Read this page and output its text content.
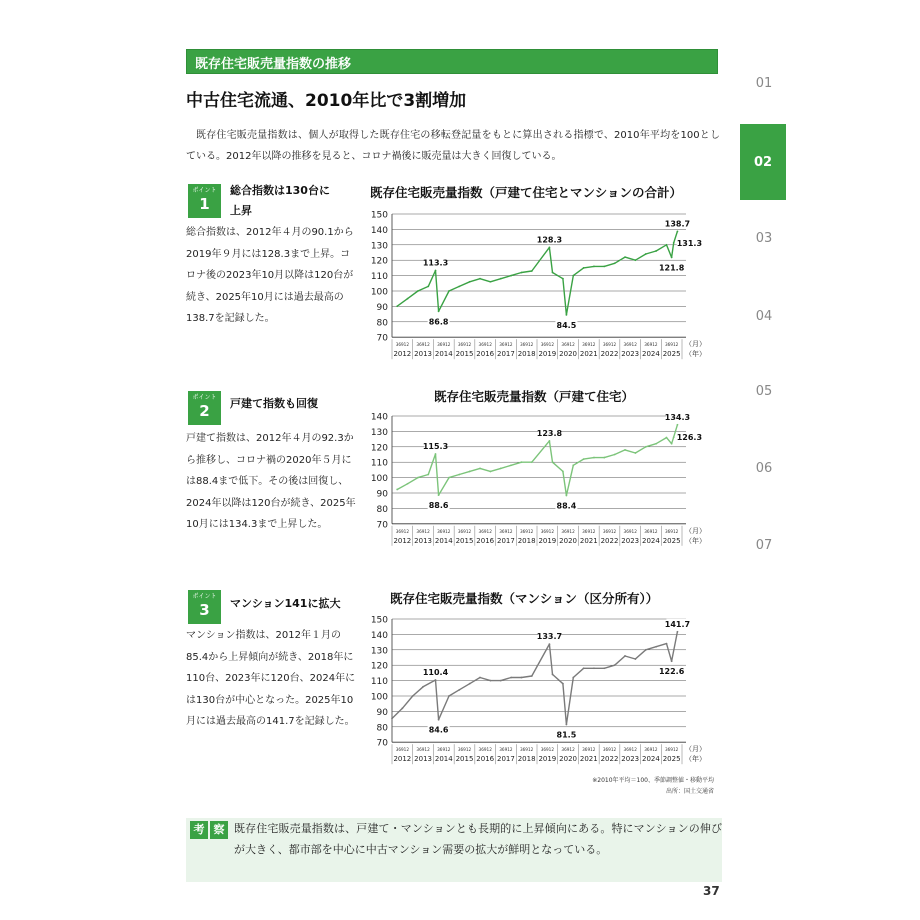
既存住宅販売量指数の推移
中古住宅流通、2010年比で3割増加
既存住宅販売量指数は、個人が取得した既存住宅の移転登記量をもとに算出される指標で、2010年平均を100としている。2012年以降の推移を見ると、コロナ禍後に販売量は大きく回復している。
01
02
03
04
05
06
07
ポイント
1
総合指数は130台に
上昇
総合指数は、2012年４月の90.1から2019年９月には128.3まで上昇。コロナ後の2023年10月以降は120台が続き、2025年10月には過去最高の138.7を記録した。
ポイント
2	戸建て指数も回復
戸建て指数は、2012年４月の92.3から推移し、コロナ禍の2020年５月には88.4まで低下。その後は回復し、2024年以降は120台が続き、2025年10月には134.3まで上昇した。
ポイント
3	マンション141に拡大
マンション指数は、2012年１月の85.4から上昇傾向が続き、2018年に110台、2023年に120台、2024年には130台が中心となった。2025年10月には過去最高の141.7を記録した。
既存住宅販売量指数（戸建て住宅とマンションの合計）
既存住宅販売量指数（戸建て住宅）
既存住宅販売量指数（マンション（区分所有））
70
80
90
100
110
120
130
140
150
36912
2012
36912
2013
36912
2014
36912
2015
36912
2016
36912
2017
36912
2018
36912
2019
36912
2020
36912
2021
36912
2022
36912
2023
36912
2024
36912
2025
（月）
（年）
113.3
86.8
128.3
84.5
138.7
121.8
131.3
70
80
90
100
110
120
130
140
36912
2012
36912
2013
36912
2014
36912
2015
36912
2016
36912
2017
36912
2018
36912
2019
36912
2020
36912
2021
36912
2022
36912
2023
36912
2024
36912
2025
（月）
（年）
115.3
88.6
123.8
88.4
134.3
126.3
70
80
90
100
110
120
130
140
150
36912
2012
36912
2013
36912
2014
36912
2015
36912
2016
36912
2017
36912
2018
36912
2019
36912
2020
36912
2021
36912
2022
36912
2023
36912
2024
36912
2025
（月）
（年）
110.4
84.6
133.7
81.5
141.7
122.6
※2010年平均＝100、季節調整値・移動平均
出所：国土交通省
考 察 既存住宅販売量指数は、戸建て・マンションとも長期的に上昇傾向にある。特にマンションの伸びが大きく、都市部を中心に中古マンション需要の拡大が鮮明となっている。
37
